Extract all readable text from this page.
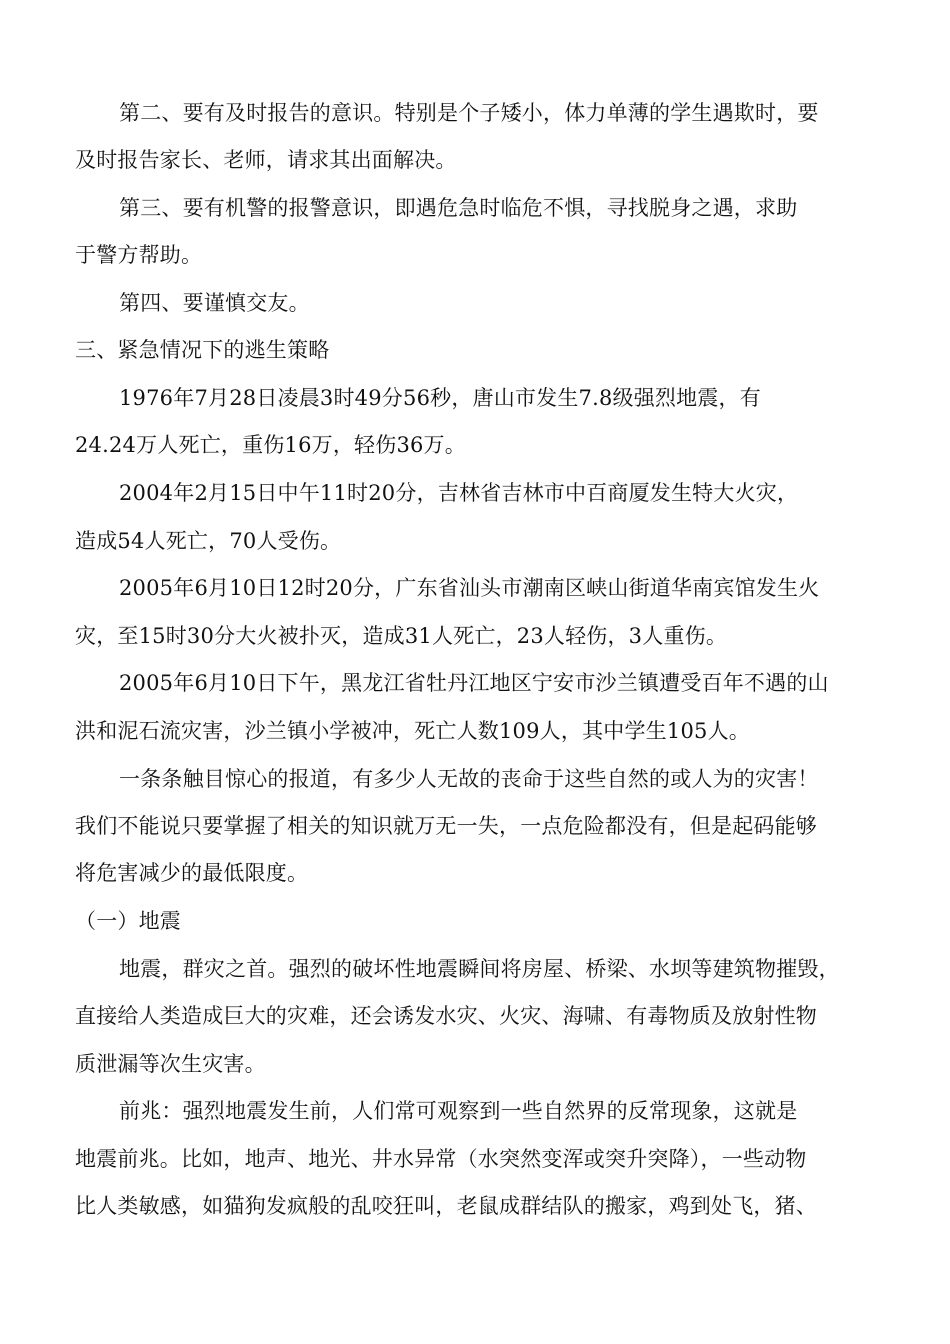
第二、要有及时报告的意识。特别是个子矮小，体力单薄的学生遇欺时，要
及时报告家长、老师，请求其出面解决。
第三、要有机警的报警意识，即遇危急时临危不惧，寻找脱身之遇，求助
于警方帮助。
第四、要谨慎交友。
三、紧急情况下的逃生策略
1976年7月28日凌晨3时49分56秒，唐山市发生7.8级强烈地震，有
24.24万人死亡，重伤16万，轻伤36万。
2004年2月15日中午11时20分，吉林省吉林市中百商厦发生特大火灾，
造成54人死亡，70人受伤。
2005年6月10日12时20分，广东省汕头市潮南区峡山街道华南宾馆发生火
灾，至15时30分大火被扑灭，造成31人死亡，23人轻伤，3人重伤。
2005年6月10日下午，黑龙江省牡丹江地区宁安市沙兰镇遭受百年不遇的山
洪和泥石流灾害，沙兰镇小学被冲，死亡人数109人，其中学生105人。
一条条触目惊心的报道，有多少人无故的丧命于这些自然的或人为的灾害！
我们不能说只要掌握了相关的知识就万无一失，一点危险都没有，但是起码能够
将危害减少的最低限度。
（一）地震
地震，群灾之首。强烈的破坏性地震瞬间将房屋、桥梁、水坝等建筑物摧毁，
直接给人类造成巨大的灾难，还会诱发水灾、火灾、海啸、有毒物质及放射性物
质泄漏等次生灾害。
前兆：强烈地震发生前，人们常可观察到一些自然界的反常现象，这就是
地震前兆。比如，地声、地光、井水异常（水突然变浑或突升突降），一些动物
比人类敏感，如猫狗发疯般的乱咬狂叫，老鼠成群结队的搬家，鸡到处飞，猪、
